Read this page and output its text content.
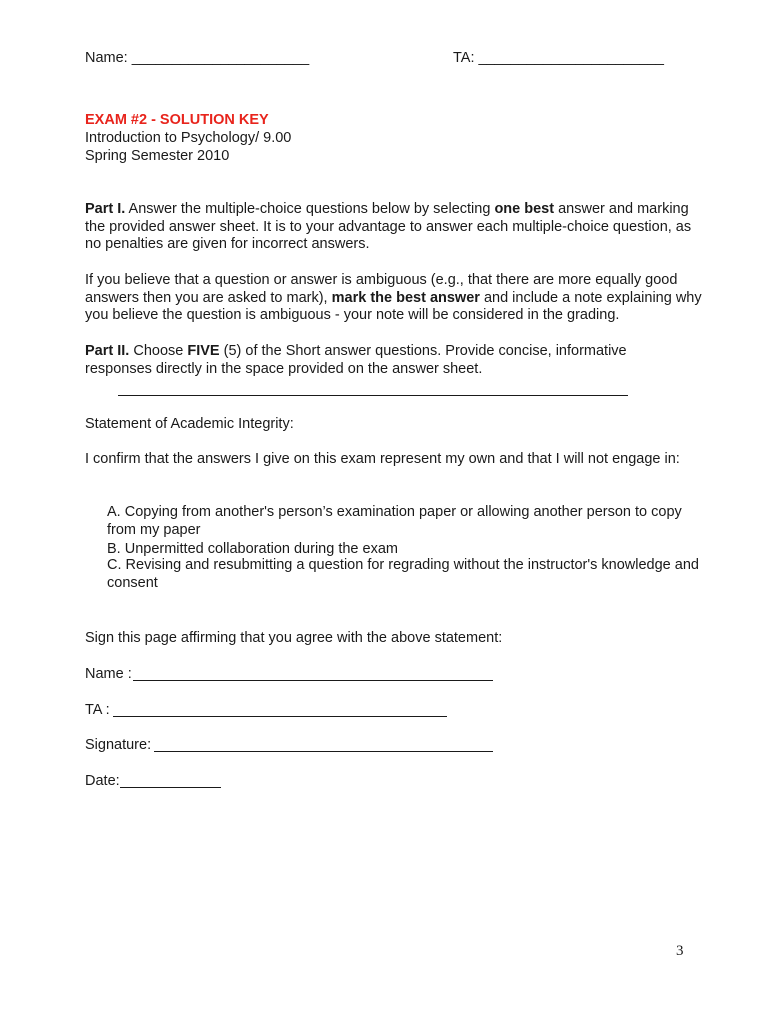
Name: ______________________	TA: _______________________
EXAM #2 - SOLUTION KEY
Introduction to Psychology/ 9.00
Spring Semester 2010
Part I. Answer the multiple-choice questions below by selecting one best answer and marking the provided answer sheet. It is to your advantage to answer each multiple-choice question, as no penalties are given for incorrect answers.
If you believe that a question or answer is ambiguous (e.g., that there are more equally good answers then you are asked to mark), mark the best answer and include a note explaining why you believe the question is ambiguous - your note will be considered in the grading.
Part II. Choose FIVE (5) of the Short answer questions. Provide concise, informative responses directly in the space provided on the answer sheet.
Statement of Academic Integrity:
I confirm that the answers I give on this exam represent my own and that I will not engage in:
A. Copying from another's person’s examination paper or allowing another person to copy from my paper
B. Unpermitted collaboration during the exam
C. Revising and resubmitting a question for regrading without the instructor's knowledge and consent
Sign this page affirming that you agree with the above statement:
Name :
TA :
Signature:
Date:
3
